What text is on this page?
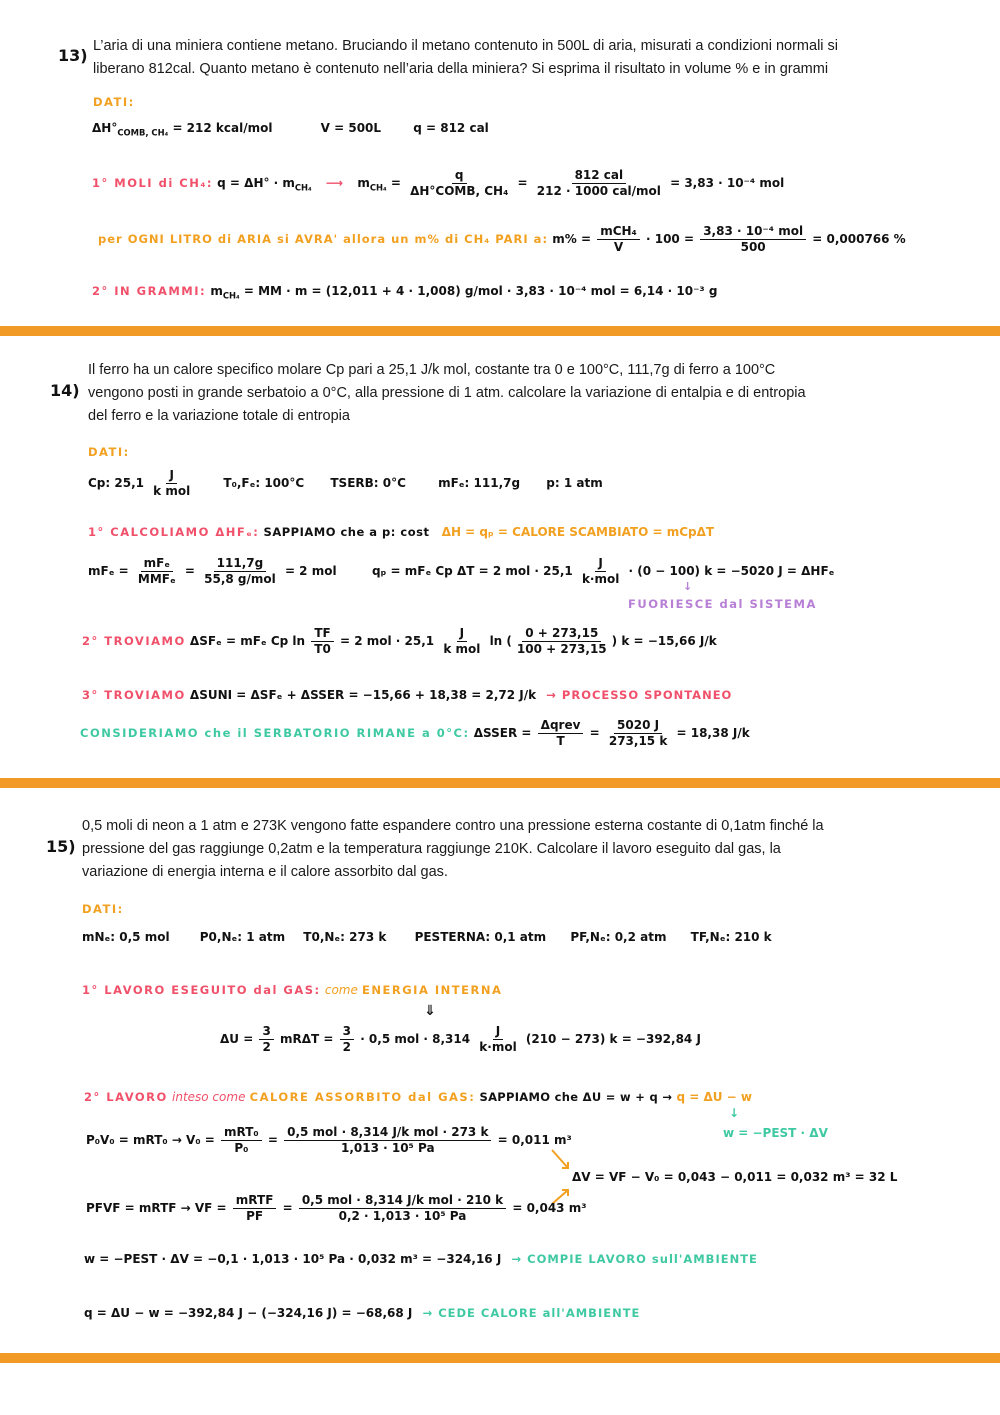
13) L’aria di una miniera contiene metano. Bruciando il metano contenuto in 500L di aria, misurati a condizioni normali si
liberano 812cal. Quanto metano è contenuto nell’aria della miniera? Si esprima il risultato in volume % e in grammi
DATI:
$\Delta H^\circ_{COMB, CH_4} = 212$ kcal/mol	V = 500L	q = 812 cal
1° MOLI di CH₄: $q = \Delta H^\circ \cdot m_{CH_4}$ ⟶ $m_{CH_4} = \frac{q}{\text{ΔH°COMB, CH₄}} = \frac{\text{812 cal}}{\text{212 · 1000 cal/mol}} = 3,83 \cdot 10^{-4}$ mol
per OGNI LITRO di ARIA si AVRA' allora un m% di CH₄ PARI a: $m\% = \frac{\text{mCH₄}}{V} \cdot 100 = \frac{\text{3,83 · 10⁻⁴ mol}}{500} = 0,000766$ %
2° IN GRAMMI: $m_{CH_4}$ = MM · m = (12,011 + 4 · 1,008) g/mol · 3,83 · 10⁻⁴ mol = 6,14 · 10⁻³ g
14)
Il ferro ha un calore specifico molare Cp pari a 25,1 J/k mol, costante tra 0 e 100°C, 111,7g di ferro a 100°C
vengono posti in grande serbatoio a 0°C, alla pressione di 1 atm. calcolare la variazione di entalpia e di entropia
del ferro e la variazione totale di entropia
DATI:
Cp: $25,1 \frac{J}{\text{k mol}}$	T₀,Fₑ: 100°C TSERB: 0°C	mFₑ: 111,7g p: 1 atm
1° CALCOLIAMO ΔHFₑ: SAPPIAMO che a p: cost ΔH = qₚ = CALORE SCAMBIATO = mCpΔT
$mF_e = \frac{\text{mFₑ}}{\text{MMFₑ}} = \frac{111,7g}{\text{55,8 g/mol}} = 2$ mol	qₚ = mFₑ Cp ΔT = 2 mol · $25,1 \frac{J}{\text{k·mol}} \cdot (0 - 100) k = -5020$ J = ΔHFₑ
↓
FUORIESCE dal SISTEMA
2° TROVIAMO ΔSFₑ = mFₑ Cp $\ln \frac{TF}{T0} = 2$ mol · $25,1 \frac{J}{\text{k mol}}$ ln ( $\frac{0 + 273,15}{100 + 273,15}$ ) k = −15,66 J/k
3° TROVIAMO ΔSUNI = ΔSFₑ + ΔSSER = −15,66 + 18,38 = 2,72 J/k → PROCESSO SPONTANEO
CONSIDERIAMO che il SERBATORIO RIMANE a 0°C: ΔSSER = $\frac{\text{Δqrev}}{T} = \frac{5020 J}{273,15 k} = 18,38$ J/k
15)
0,5 moli di neon a 1 atm e 273K vengono fatte espandere contro una pressione esterna costante di 0,1atm finché la
pressione del gas raggiunge 0,2atm e la temperatura raggiunge 210K. Calcolare il lavoro eseguito dal gas, la
variazione di energia interna e il calore assorbito dal gas.
DATI:
mNₑ: 0,5 mol	P0,Nₑ: 1 atm T0,Nₑ: 273 k PESTERNA: 0,1 atm PF,Nₑ: 0,2 atm TF,Nₑ: 210 k
1° LAVORO ESEGUITO dal GAS: come ENERGIA INTERNA
⇓
$\Delta U = \frac{3}{2}$ $mR\Delta T = \frac{3}{2} \cdot 0,5$ mol · $8,314 \frac{J}{\text{k·mol}} (210 - 273) k = -392,84$ J
2° LAVORO inteso come CALORE ASSORBITO dal GAS: SAPPIAMO che ΔU = w + q → q = ΔU − w
↓
w = −PEST · ΔV
$P_0V_0 = mRT_0 \to V_0 = \frac{\text{mRT₀}}{\text{P₀}} = \frac{\text{0,5 mol · 8,314 J/k mol · 273 k}}{\text{1,013 · 10⁵ Pa}} = 0,011$ m³
ΔV = VF − V₀ = 0,043 − 0,011 = 0,032 m³ = 32 L
PFVF = mRTF → VF = $\frac{\text{mRTF}}{PF} = \frac{\text{0,5 mol · 8,314 J/k mol · 210 k}}{\text{0,2 · 1,013 · 10⁵ Pa}} = 0,043$ m³
w = −PEST · ΔV = −0,1 · 1,013 · 10⁵ Pa · 0,032 m³ = −324,16 J → COMPIE LAVORO sull'AMBIENTE
q = ΔU − w = −392,84 J − (−324,16 J) = −68,68 J → CEDE CALORE all'AMBIENTE
